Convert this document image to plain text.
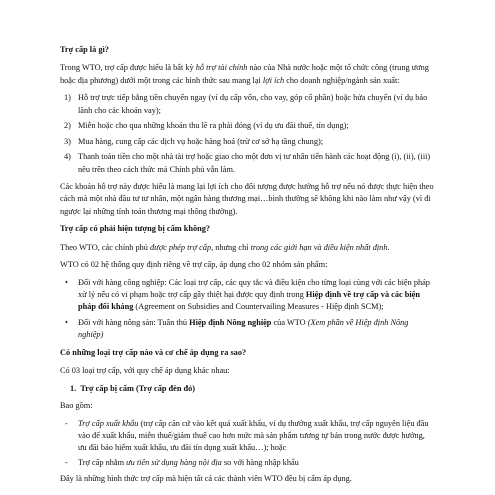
Trợ cấp là gì?

Trong WTO, trợ cấp được hiểu là bất kỳ hỗ trợ tài chính nào của Nhà nước hoặc một tổ chức công (trung ương hoặc địa phương) dưới một trong các hình thức sau mang lại lợi ích cho doanh nghiệp/ngành sản xuất:

1) Hỗ trợ trực tiếp bằng tiền chuyển ngay (ví dụ cấp vốn, cho vay, góp cổ phần) hoặc hứa chuyển (ví dụ bảo lãnh cho các khoản vay);
2) Miễn hoặc cho qua những khoản thu lẽ ra phải đóng (ví dụ ưu đãi thuế, tín dụng);
3) Mua hàng, cung cấp các dịch vụ hoặc hàng hoá (trừ cơ sở hạ tầng chung);
4) Thanh toán tiền cho một nhà tài trợ hoặc giao cho một đơn vị tư nhân tiến hành các hoạt động (i), (ii), (iii) nêu trên theo cách thức mà Chính phủ vẫn làm.

Các khoản hỗ trợ này được hiểu là mang lại lợi ích cho đối tượng được hưởng hỗ trợ nếu nó được thực hiện theo cách mà một nhà đầu tư tư nhân, một ngân hàng thương mại…bình thường sẽ không khi nào làm như vậy (vì đi ngược lại những tính toán thương mại thông thường).

Trợ cấp có phải hiện tượng bị cấm không?

Theo WTO, các chính phủ được phép trợ cấp, nhưng chỉ trong các giới hạn và điều kiện nhất định.

WTO có 02 hệ thống quy định riêng về trợ cấp, áp dụng cho 02 nhóm sản phẩm:

• Đối với hàng công nghiệp: Các loại trợ cấp, các quy tắc và điều kiện cho từng loại cùng với các biện pháp xử lý nếu có vi phạm hoặc trợ cấp gây thiệt hại được quy định trong Hiệp định về trợ cấp và các biện pháp đối kháng (Agreement on Subsidies and Countervailing Measures - Hiệp định SCM);
• Đối với hàng nông sản: Tuân thủ Hiệp định Nông nghiệp của WTO (Xem phần về Hiệp định Nông nghiệp)

Có những loại trợ cấp nào và cơ chế áp dụng ra sao?

Có 03 loại trợ cấp, với quy chế áp dụng khác nhau:

1. Trợ cấp bị cấm (Trợ cấp đèn đỏ)

Bao gồm:

- Trợ cấp xuất khẩu (trợ cấp căn cứ vào kết quả xuất khẩu, ví dụ thưởng xuất khẩu, trợ cấp nguyên liệu đầu vào để xuất khẩu, miễn thuế/giảm thuế cao hơn mức mà sản phẩm tương tự bán trong nước được hưởng, ưu đãi bảo hiểm xuất khẩu, ưu đãi tín dụng xuất khẩu…); hoặc
- Trợ cấp nhằm ưu tiên sử dụng hàng nội địa so với hàng nhập khẩu

Đây là những hình thức trợ cấp mà hiện tất cả các thành viên WTO đều bị cấm áp dụng.
